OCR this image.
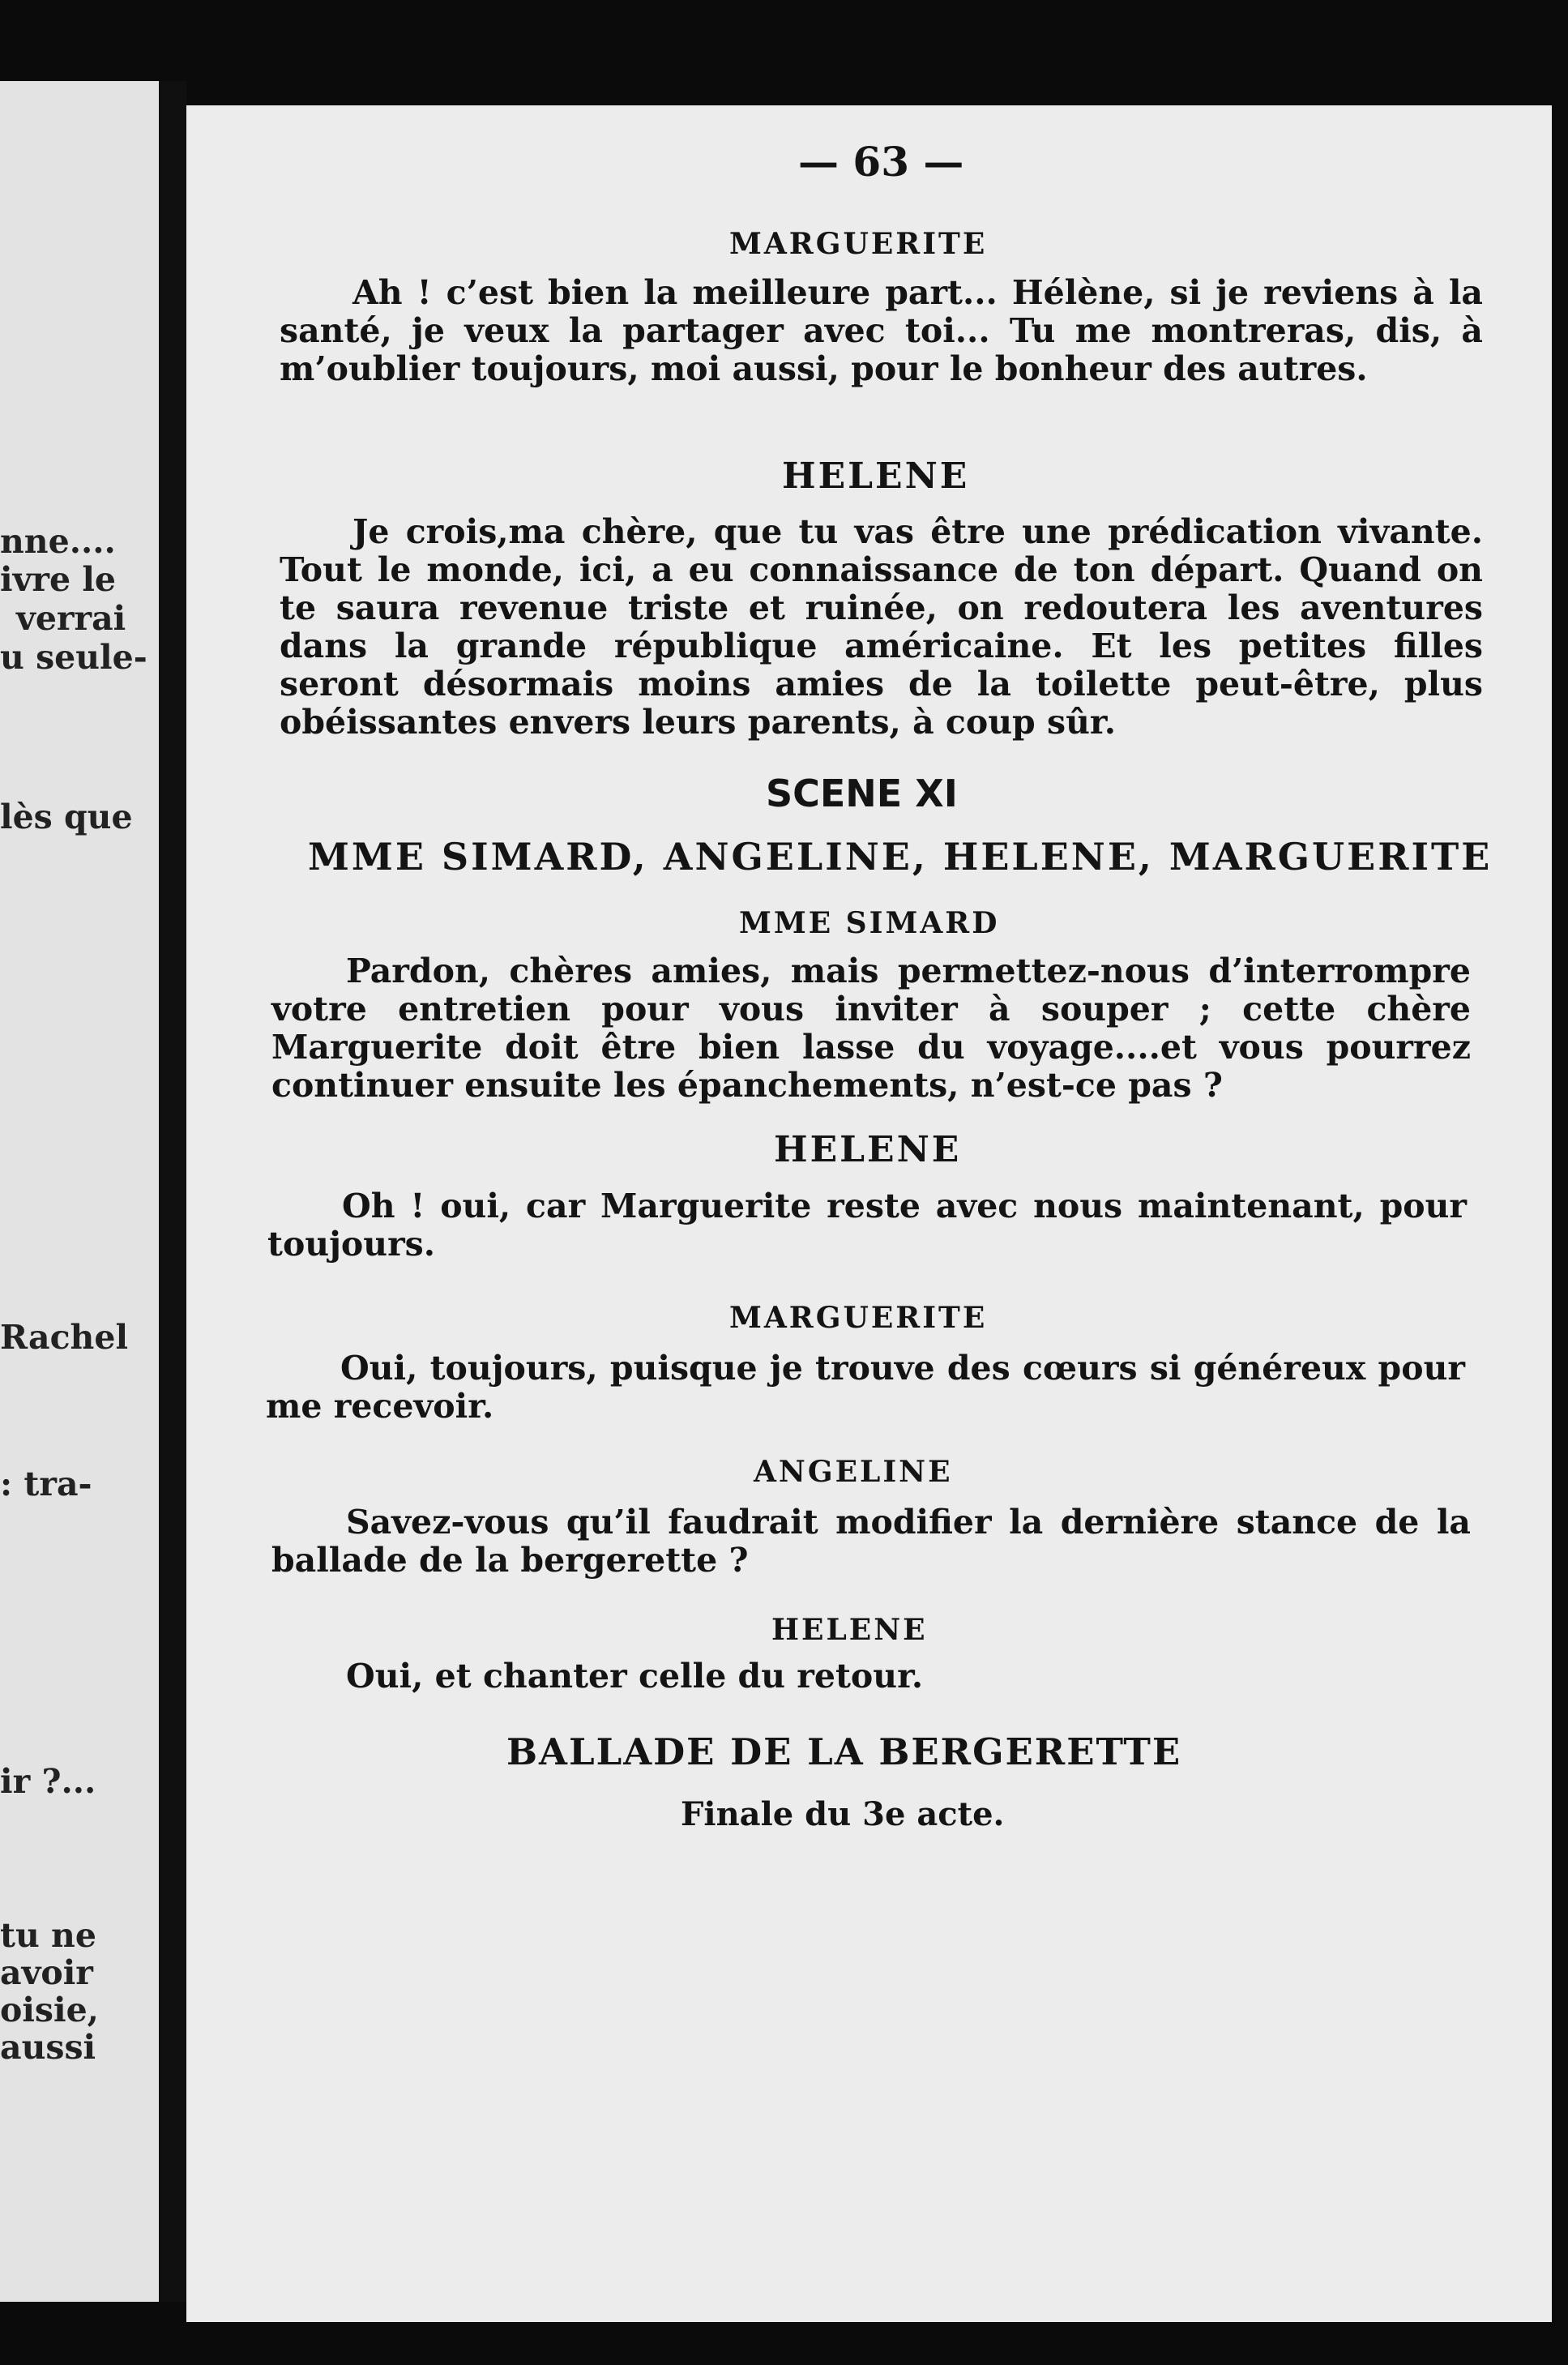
nne....
ivre le
verrai
u seule-
lès que
Rachel
: tra-
ir ?...
tu ne
avoir
oisie,
aussi
— 63 —
MARGUERITE
Ah ! c’est bien la meilleure part... Hélène, si je reviens à la santé, je veux la partager avec toi... Tu me montreras, dis, à m’oublier toujours, moi aussi, pour le bonheur des autres.
HELENE
Je crois,ma chère, que tu vas être une prédication vivante. Tout le monde, ici, a eu connaissance de ton départ. Quand on te saura revenue triste et ruinée, on redoutera les aventures dans la grande république américaine. Et les petites filles seront désormais moins amies de la toilette peut-être, plus obéissantes envers leurs parents, à coup sûr.
SCENE XI
MME SIMARD, ANGELINE, HELENE, MARGUERITE
MME SIMARD
Pardon, chères amies, mais permettez-nous d’interrompre votre entretien pour vous inviter à souper ; cette chère Marguerite doit être bien lasse du voyage....et vous pourrez continuer ensuite les épanchements, n’est-ce pas ?
HELENE
Oh ! oui, car Marguerite reste avec nous maintenant, pour toujours.
MARGUERITE
Oui, toujours, puisque je trouve des cœurs si généreux pour me recevoir.
ANGELINE
Savez-vous qu’il faudrait modifier la dernière stance de la ballade de la bergerette ?
HELENE
Oui, et chanter celle du retour.
BALLADE DE LA BERGERETTE
Finale du 3e acte.
